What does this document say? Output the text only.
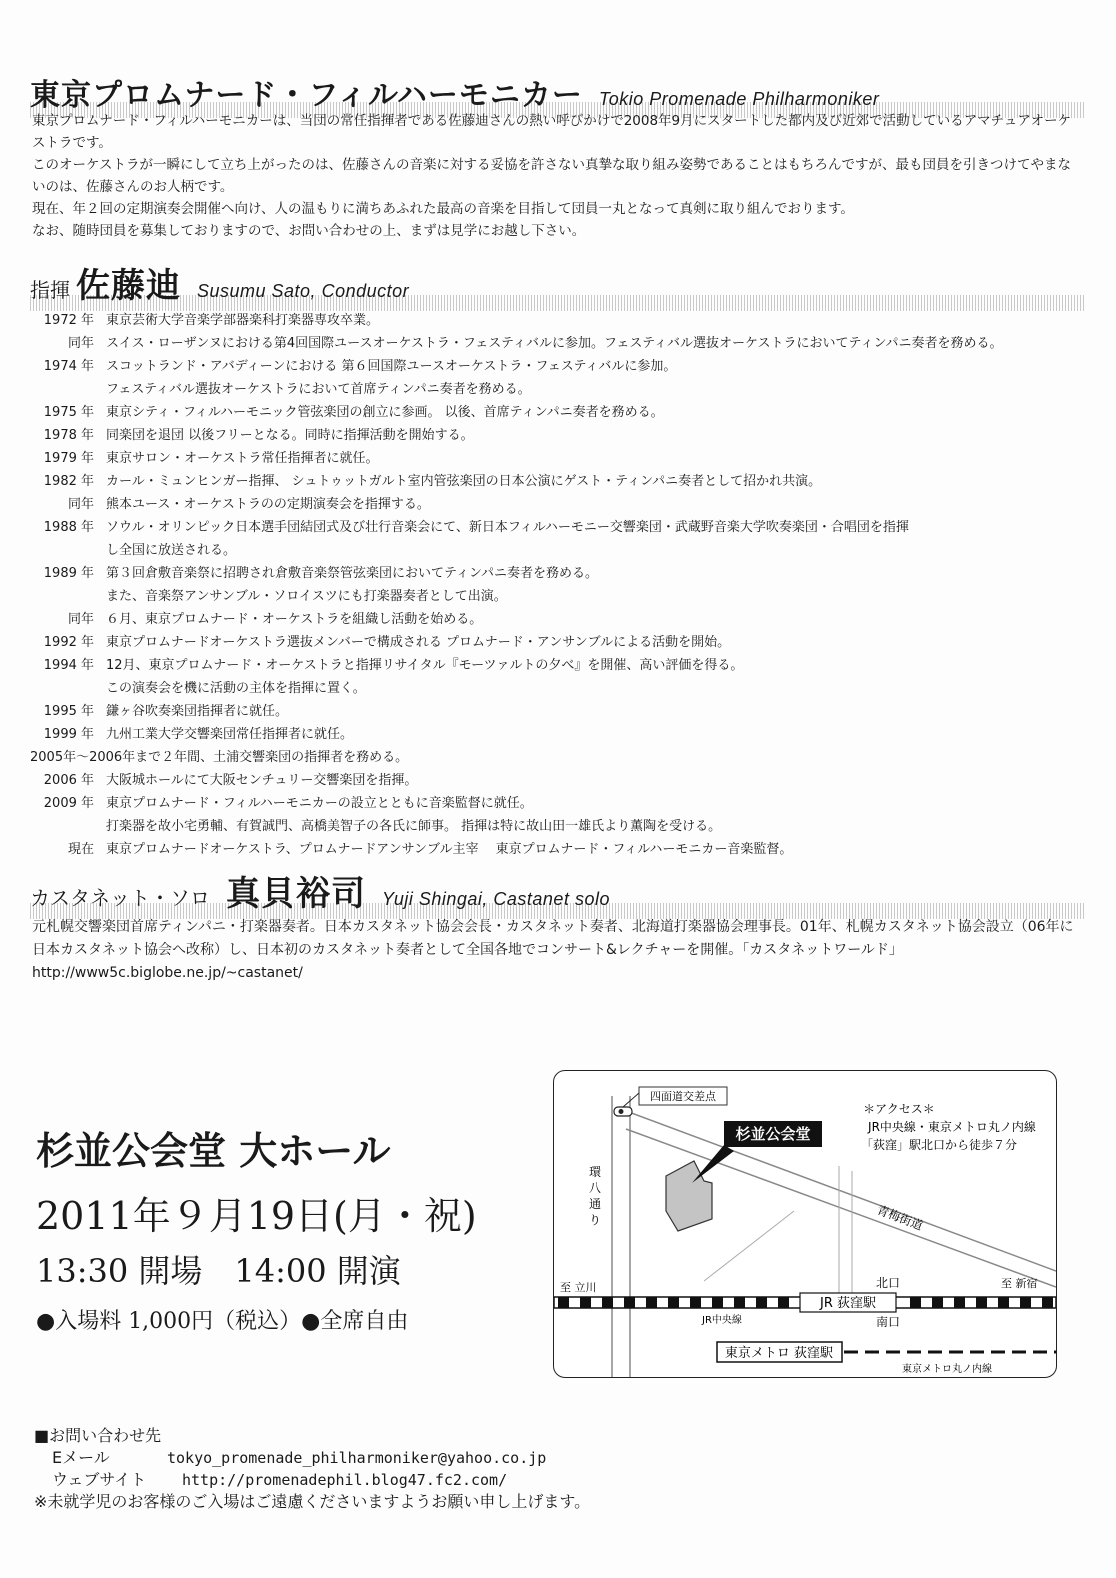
東京プロムナード・フィルハーモニカー Tokio Promenade Philharmoniker

東京プロムナード・フィルハーモニカーは、当団の常任指揮者である佐藤迪さんの熱い呼びかけで2008年9月にスタートした都内及び近郊で活動しているアマチュアオーケストラです。

このオーケストラが一瞬にして立ち上がったのは、佐藤さんの音楽に対する妥協を許さない真摯な取り組み姿勢であることはもちろんですが、最も団員を引きつけてやまないのは、佐藤さんのお人柄です。

現在、年２回の定期演奏会開催へ向け、人の温もりに満ちあふれた最高の音楽を目指して団員一丸となって真剣に取り組んでおります。

なお、随時団員を募集しておりますので、お問い合わせの上、まずは見学にお越し下さい。

指揮 佐藤迪 Susumu Sato, Conductor
1972 年 東京芸術大学音楽学部器楽科打楽器専攻卒業。
同年 スイス・ローザンヌにおける第4回国際ユースオーケストラ・フェスティバルに参加。フェスティバル選抜オーケストラにおいてティンパニ奏者を務める。
1974 年 スコットランド・アバディーンにおける 第６回国際ユースオーケストラ・フェスティバルに参加。
フェスティバル選抜オーケストラにおいて首席ティンパニ奏者を務める。
1975 年 東京シティ・フィルハーモニック管弦楽団の創立に参画。 以後、首席ティンパニ奏者を務める。
1978 年 同楽団を退団 以後フリーとなる。同時に指揮活動を開始する。
1979 年 東京サロン・オーケストラ常任指揮者に就任。
1982 年 カール・ミュンヒンガー指揮、 シュトゥットガルト室内管弦楽団の日本公演にゲスト・ティンパニ奏者として招かれ共演。
同年 熊本ユース・オーケストラのの定期演奏会を指揮する。
1988 年 ソウル・オリンピック日本選手団結団式及び壮行音楽会にて、新日本フィルハーモニー交響楽団・武蔵野音楽大学吹奏楽団・合唱団を指揮
し全国に放送される。
1989 年 第３回倉敷音楽祭に招聘され倉敷音楽祭管弦楽団においてティンパニ奏者を務める。
また、音楽祭アンサンブル・ソロイスツにも打楽器奏者として出演。
同年 ６月、東京プロムナード・オーケストラを組織し活動を始める。
1992 年 東京プロムナードオーケストラ選抜メンバーで構成される プロムナード・アンサンブルによる活動を開始。
1994 年 12月、東京プロムナード・オーケストラと指揮リサイタル『モーツァルトの夕べ』を開催、高い評価を得る。
この演奏会を機に活動の主体を指揮に置く。
1995 年 鎌ヶ谷吹奏楽団指揮者に就任。
1999 年 九州工業大学交響楽団常任指揮者に就任。
2005年～2006年まで２年間、土浦交響楽団の指揮者を務める。
2006 年 大阪城ホールにて大阪センチュリー交響楽団を指揮。
2009 年 東京プロムナード・フィルハーモニカーの設立とともに音楽監督に就任。
打楽器を故小宅勇輔、有賀誠門、高橋美智子の各氏に師事。 指揮は特に故山田一雄氏より薫陶を受ける。
現在 東京プロムナードオーケストラ、プロムナードアンサンブル主宰 　東京プロムナード・フィルハーモニカー音楽監督。
カスタネット・ソロ 真貝裕司 Yuji Shingai, Castanet solo
元札幌交響楽団首席ティンパニ・打楽器奏者。日本カスタネット協会会長・カスタネット奏者、北海道打楽器協会理事長。01年、札幌カスタネット協会設立（06年に日本カスタネット協会へ改称）し、日本初のカスタネット奏者として全国各地でコンサート&レクチャーを開催。「カスタネットワールド」http://www5c.biglobe.ne.jp/~castanet/
杉並公会堂 大ホール
2011年９月19日(月・祝)
13:30 開場　14:00 開演
●入場料 1,000円（税込）●全席自由
四面道交差点
杉並公会堂
＊アクセス＊
JR中央線・東京メトロ丸ノ内線
「荻窪」駅北口から徒歩７分
環
八
通
り	青梅街道
至 立川	至 新宿
北口
JR 荻窪駅
南口
JR中央線
東京メトロ 荻窪駅
東京メトロ丸ノ内線
■お問い合わせ先
Eメール	tokyo_promenade_philharmoniker@yahoo.co.jp
ウェブサイト http://promenadephil.blog47.fc2.com/
※未就学児のお客様のご入場はご遠慮くださいますようお願い申し上げます。
